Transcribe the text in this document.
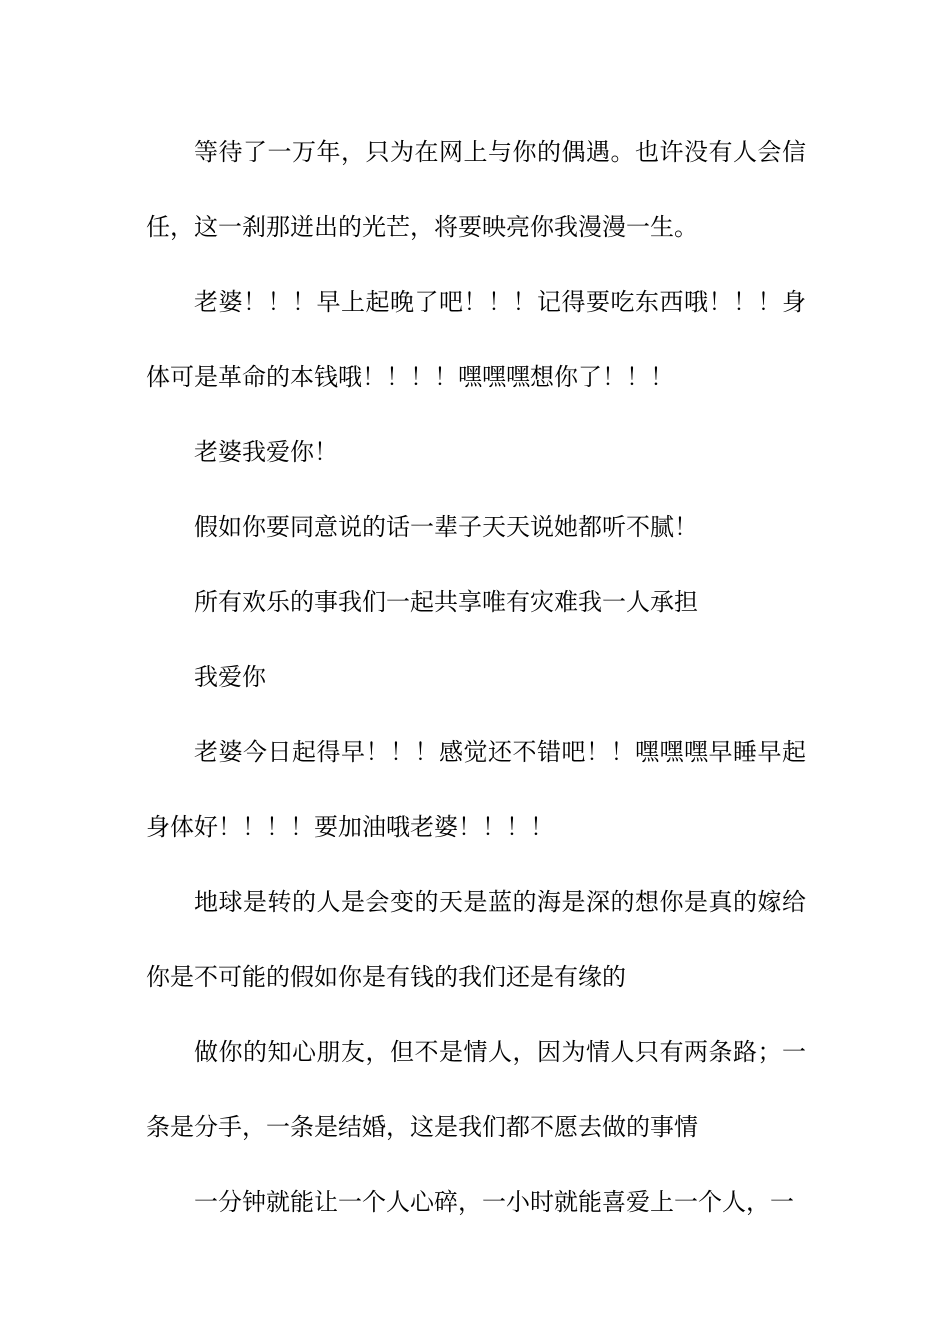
等待了一万年，只为在网上与你的偶遇。也许没有人会信任，这一刹那迸出的光芒，将要映亮你我漫漫一生。

老婆！！！早上起晚了吧！！！记得要吃东西哦！！！身体可是革命的本钱哦！！！！嘿嘿嘿想你了！！！

老婆我爱你！

假如你要同意说的话一辈子天天说她都听不腻！

所有欢乐的事我们一起共享唯有灾难我一人承担

我爱你

老婆今日起得早！！！感觉还不错吧！！嘿嘿嘿早睡早起身体好！！！！要加油哦老婆！！！！

地球是转的人是会变的天是蓝的海是深的想你是真的嫁给你是不可能的假如你是有钱的我们还是有缘的

做你的知心朋友，但不是情人，因为情人只有两条路；一条是分手，一条是结婚，这是我们都不愿去做的事情

一分钟就能让一个人心碎，一小时就能喜爱上一个人，一
